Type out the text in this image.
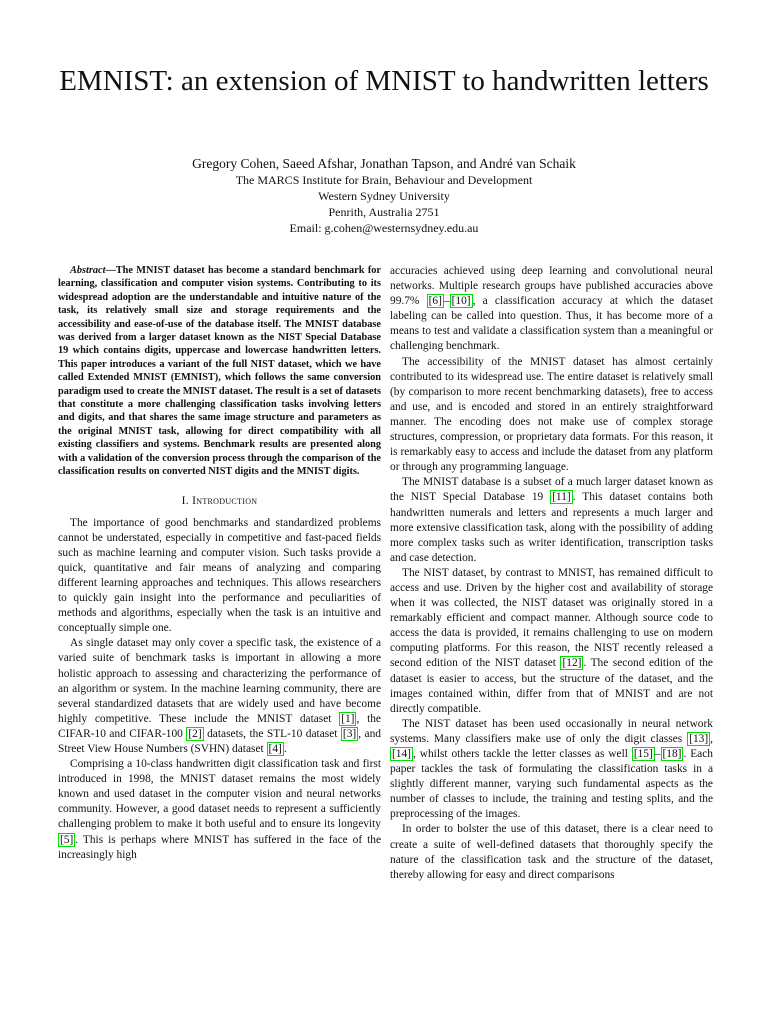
EMNIST: an extension of MNIST to handwritten letters
Gregory Cohen, Saeed Afshar, Jonathan Tapson, and André van Schaik
The MARCS Institute for Brain, Behaviour and Development
Western Sydney University
Penrith, Australia 2751
Email: g.cohen@westernsydney.edu.au

Abstract—The MNIST dataset has become a standard benchmark for learning, classification and computer vision systems. Contributing to its widespread adoption are the understandable and intuitive nature of the task, its relatively small size and storage requirements and the accessibility and ease-of-use of the database itself. The MNIST database was derived from a larger dataset known as the NIST Special Database 19 which contains digits, uppercase and lowercase handwritten letters. This paper introduces a variant of the full NIST dataset, which we have called Extended MNIST (EMNIST), which follows the same conversion paradigm used to create the MNIST dataset. The result is a set of datasets that constitute a more challenging classification tasks involving letters and digits, and that shares the same image structure and parameters as the original MNIST task, allowing for direct compatibility with all existing classifiers and systems. Benchmark results are presented along with a validation of the conversion process through the comparison of the classification results on converted NIST digits and the MNIST digits.

I. Introduction

The importance of good benchmarks and standardized problems cannot be understated, especially in competitive and fast-paced fields such as machine learning and computer vision. Such tasks provide a quick, quantitative and fair means of analyzing and comparing different learning approaches and techniques. This allows researchers to quickly gain insight into the performance and peculiarities of methods and algorithms, especially when the task is an intuitive and conceptually simple one.

As single dataset may only cover a specific task, the existence of a varied suite of benchmark tasks is important in allowing a more holistic approach to assessing and characterizing the performance of an algorithm or system. In the machine learning community, there are several standardized datasets that are widely used and have become highly competitive. These include the MNIST dataset [1] , the CIFAR-10 and CIFAR-100 [2] datasets, the STL-10 dataset [3] , and Street View House Numbers (SVHN) dataset [4] .

Comprising a 10-class handwritten digit classification task and first introduced in 1998, the MNIST dataset remains the most widely known and used dataset in the computer vision and neural networks community. However, a good dataset needs to represent a sufficiently challenging problem to make it both useful and to ensure its longevity [5] . This is perhaps where MNIST has suffered in the face of the increasingly high

accuracies achieved using deep learning and convolutional neural networks. Multiple research groups have published accuracies above 99.7% [6] – [10] , a classification accuracy at which the dataset labeling can be called into question. Thus, it has become more of a means to test and validate a classification system than a meaningful or challenging benchmark.

The accessibility of the MNIST dataset has almost certainly contributed to its widespread use. The entire dataset is relatively small (by comparison to more recent benchmarking datasets), free to access and use, and is encoded and stored in an entirely straightforward manner. The encoding does not make use of complex storage structures, compression, or proprietary data formats. For this reason, it is remarkably easy to access and include the dataset from any platform or through any programming language.

The MNIST database is a subset of a much larger dataset known as the NIST Special Database 19 [11] . This dataset contains both handwritten numerals and letters and represents a much larger and more extensive classification task, along with the possibility of adding more complex tasks such as writer identification, transcription tasks and case detection.

The NIST dataset, by contrast to MNIST, has remained difficult to access and use. Driven by the higher cost and availability of storage when it was collected, the NIST dataset was originally stored in a remarkably efficient and compact manner. Although source code to access the data is provided, it remains challenging to use on modern computing platforms. For this reason, the NIST recently released a second edition of the NIST dataset [12] . The second edition of the dataset is easier to access, but the structure of the dataset, and the images contained within, differ from that of MNIST and are not directly compatible.

The NIST dataset has been used occasionally in neural network systems. Many classifiers make use of only the digit classes [13] , [14] , whilst others tackle the letter classes as well [15] – [18] . Each paper tackles the task of formulating the classification tasks in a slightly different manner, varying such fundamental aspects as the number of classes to include, the training and testing splits, and the preprocessing of the images.

In order to bolster the use of this dataset, there is a clear need to create a suite of well-defined datasets that thoroughly specify the nature of the classification task and the structure of the dataset, thereby allowing for easy and direct comparisons
